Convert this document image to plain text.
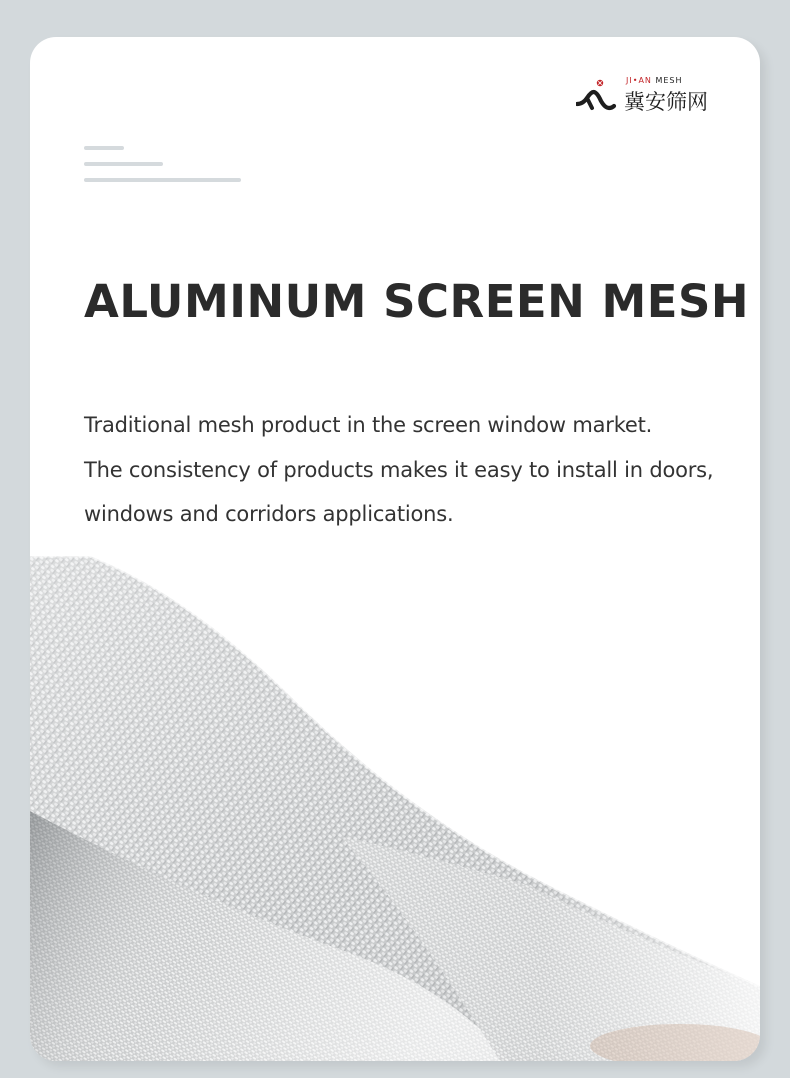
JI•AN MESH
冀安筛网
ALUMINUM SCREEN MESH
Traditional mesh product in the screen window market.
The consistency of products makes it easy to install in doors,
windows and corridors applications.
